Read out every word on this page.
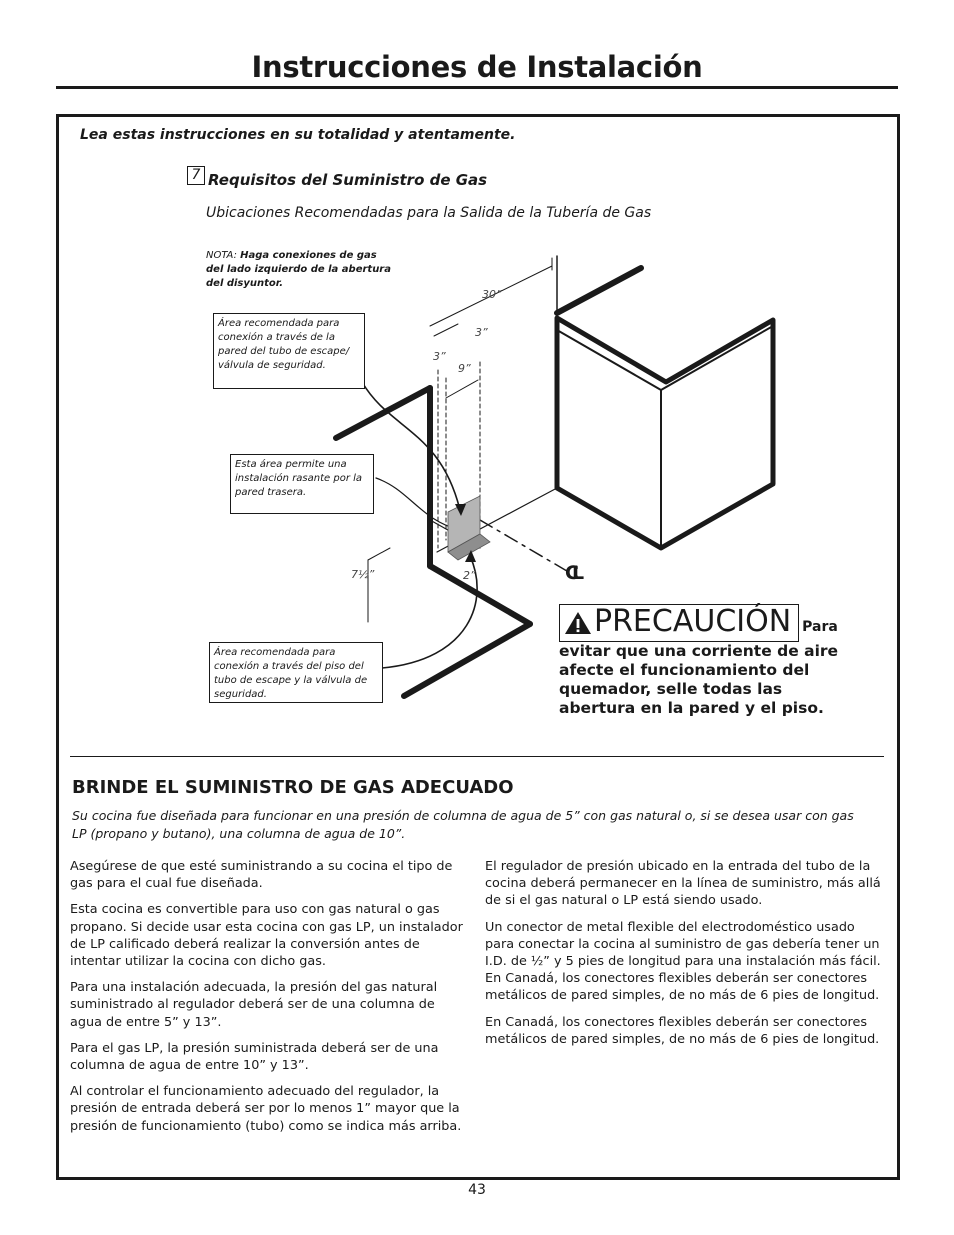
Instrucciones de Instalación
Lea estas instrucciones en su totalidad y atentamente.
7 Requisitos del Suministro de Gas
Ubicaciones Recomendadas para la Salida de la Tubería de Gas
NOTA: Haga conexiones de gas del lado izquierdo de la abertura del disyuntor.
Área recomendada para conexión a través de la pared del tubo de escape/ válvula de seguridad.
Esta área permite una instalación rasante por la pared trasera.
Área recomendada para conexión a través del piso del tubo de escape y la válvula de seguridad.
30”
3”
3”
9”
7½”	2”	CL
PRECAUCIÓN Para evitar que una corriente de aire afecte el funcionamiento del quemador, selle todas las abertura en la pared y el piso.
BRINDE EL SUMINISTRO DE GAS ADECUADO
Su cocina fue diseñada para funcionar en una presión de columna de agua de 5” con gas natural o, si se desea usar con gas LP (propano y butano), una columna de agua de 10”.

Asegúrese de que esté suministrando a su cocina el tipo de gas para el cual fue diseñada.

Esta cocina es convertible para uso con gas natural o gas propano. Si decide usar esta cocina con gas LP, un instalador de LP calificado deberá realizar la conversión antes de intentar utilizar la cocina con dicho gas.

Para una instalación adecuada, la presión del gas natural suministrado al regulador deberá ser de una columna de agua de entre 5” y 13”.

Para el gas LP, la presión suministrada deberá ser de una columna de agua de entre 10” y 13”.

Al controlar el funcionamiento adecuado del regulador, la presión de entrada deberá ser por lo menos 1” mayor que la presión de funcionamiento (tubo) como se indica más arriba.

El regulador de presión ubicado en la entrada del tubo de la cocina deberá permanecer en la línea de suministro, más allá de si el gas natural o LP está siendo usado.

Un conector de metal flexible del electrodoméstico usado para conectar la cocina al suministro de gas debería tener un I.D. de ½” y 5 pies de longitud para una instalación más fácil. En Canadá, los conectores flexibles deberán ser conectores metálicos de pared simples, de no más de 6 pies de longitud.

En Canadá, los conectores flexibles deberán ser conectores metálicos de pared simples, de no más de 6 pies de longitud.

43
